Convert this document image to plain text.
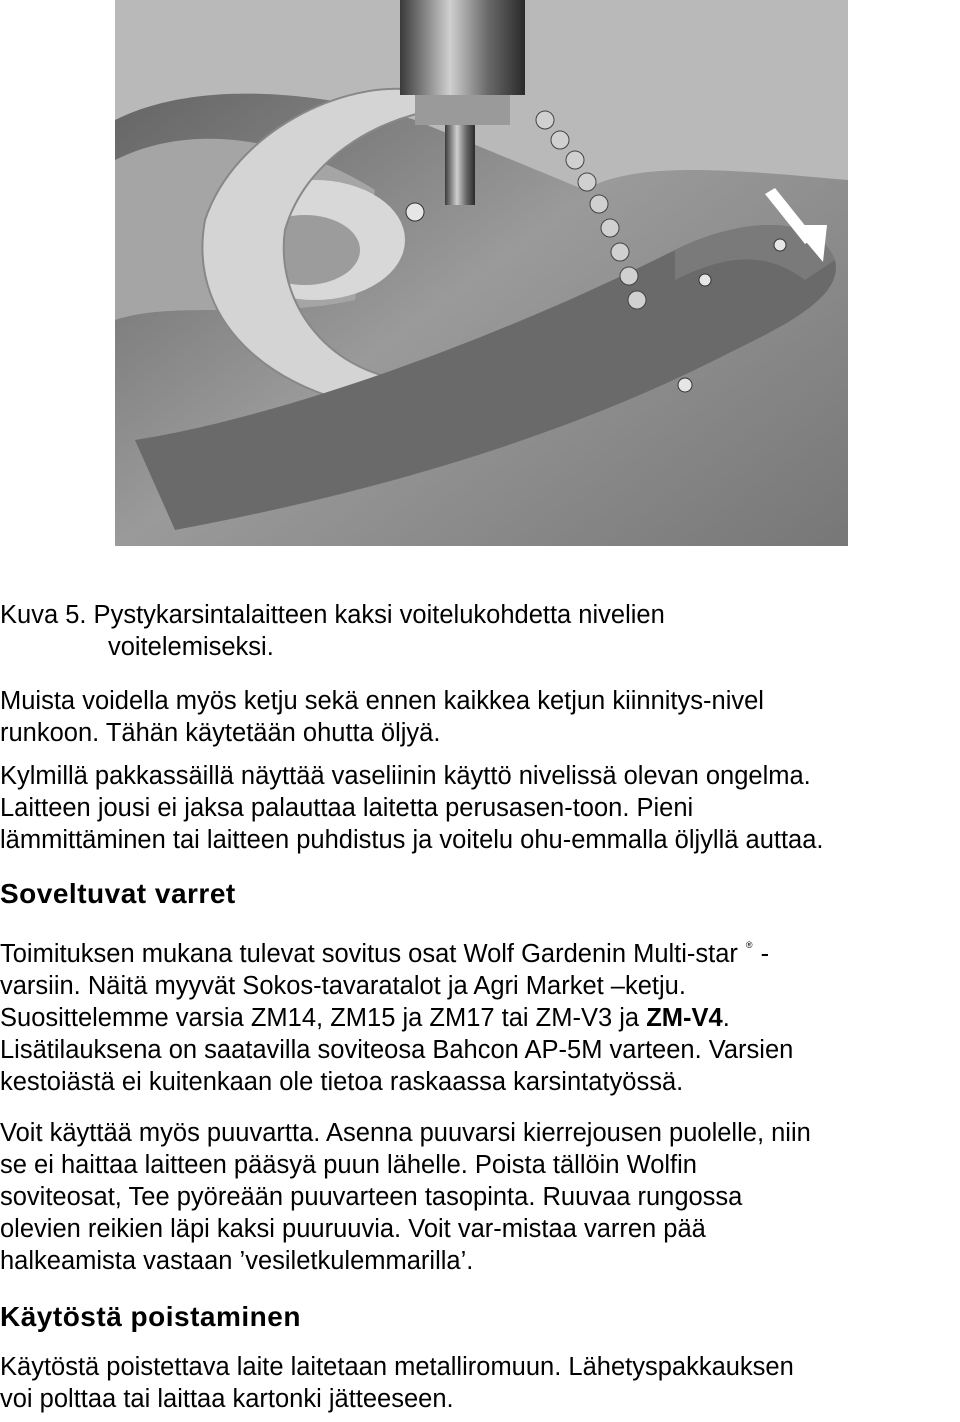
Kuva 5. Pystykarsintalaitteen kaksi voitelukohdetta nivelien
voitelemiseksi.
Muista voidella myös ketju sekä ennen kaikkea ketjun kiinnitys-nivel
runkoon. Tähän käytetään ohutta öljyä.
Kylmillä pakkassäillä näyttää vaseliinin käyttö nivelissä olevan ongelma.
Laitteen jousi ei jaksa palauttaa laitetta perusasen-toon. Pieni
lämmittäminen tai laitteen puhdistus ja voitelu ohu-emmalla öljyllä auttaa.
Soveltuvat varret
Toimituksen mukana tulevat sovitus osat Wolf Gardenin Multi-star ® -
varsiin. Näitä myyvät Sokos-tavaratalot ja Agri Market –ketju.
Suosittelemme varsia ZM14, ZM15 ja ZM17 tai ZM-V3 ja ZM-V4.
Lisätilauksena on saatavilla soviteosa Bahcon AP-5M varteen. Varsien
kestoiästä ei kuitenkaan ole tietoa raskaassa karsintatyössä.
Voit käyttää myös puuvartta. Asenna puuvarsi kierrejousen puolelle, niin
se ei haittaa laitteen pääsyä puun lähelle. Poista tällöin Wolfin
soviteosat, Tee pyöreään puuvarteen tasopinta. Ruuvaa rungossa
olevien reikien läpi kaksi puuruuvia. Voit var-mistaa varren pää
halkeamista vastaan ’vesiletkulemmarilla’.
Käytöstä poistaminen
Käytöstä poistettava laite laitetaan metalliromuun. Lähetyspakkauksen
voi polttaa tai laittaa kartonki jätteeseen.
